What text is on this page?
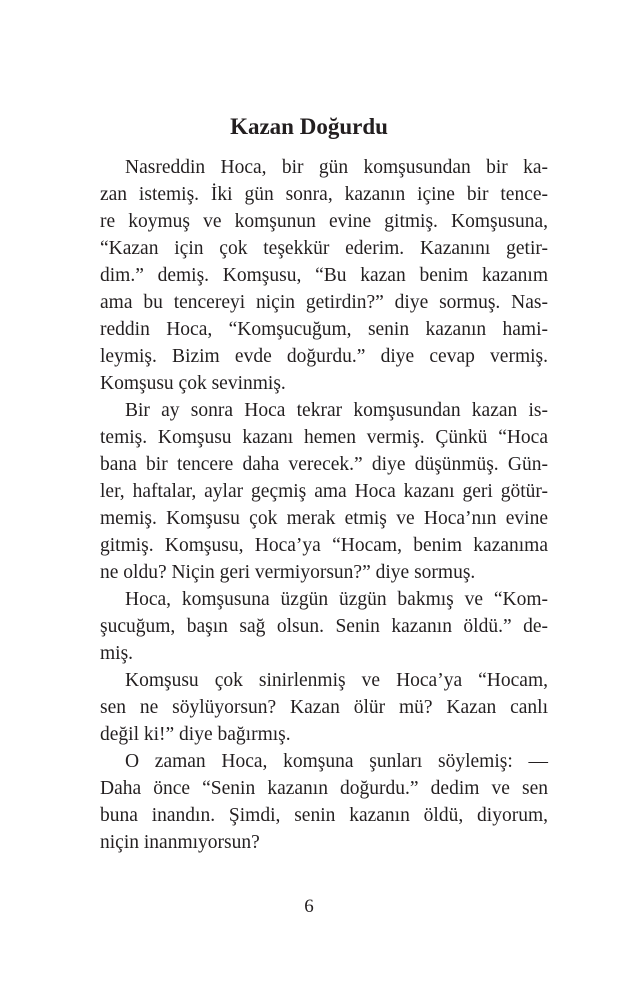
Kazan Doğurdu
Nasreddin Hoca, bir gün komşusundan bir ka-
zan istemiş. İki gün sonra, kazanın içine bir tence-
re koymuş ve komşunun evine gitmiş. Komşusuna,
“Kazan için çok teşekkür ederim. Kazanını getir-
dim.” demiş. Komşusu, “Bu kazan benim kazanım
ama bu tencereyi niçin getirdin?” diye sormuş. Nas-
reddin Hoca, “Komşucuğum, senin kazanın hami-
leymiş. Bizim evde doğurdu.” diye cevap vermiş.
Komşusu çok sevinmiş.
Bir ay sonra Hoca tekrar komşusundan kazan is-
temiş. Komşusu kazanı hemen vermiş. Çünkü “Hoca
bana bir tencere daha verecek.” diye düşünmüş. Gün-
ler, haftalar, aylar geçmiş ama Hoca kazanı geri götür-
memiş. Komşusu çok merak etmiş ve Hoca’nın evine
gitmiş. Komşusu, Hoca’ya “Hocam, benim kazanıma
ne oldu? Niçin geri vermiyorsun?” diye sormuş.
Hoca, komşusuna üzgün üzgün bakmış ve “Kom-
şucuğum, başın sağ olsun. Senin kazanın öldü.” de-
miş.
Komşusu çok sinirlenmiş ve Hoca’ya “Hocam,
sen ne söylüyorsun? Kazan ölür mü? Kazan canlı
değil ki!” diye bağırmış.
O zaman Hoca, komşuna şunları söylemiş: —
Daha önce “Senin kazanın doğurdu.” dedim ve sen
buna inandın. Şimdi, senin kazanın öldü, diyorum,
niçin inanmıyorsun?
6
